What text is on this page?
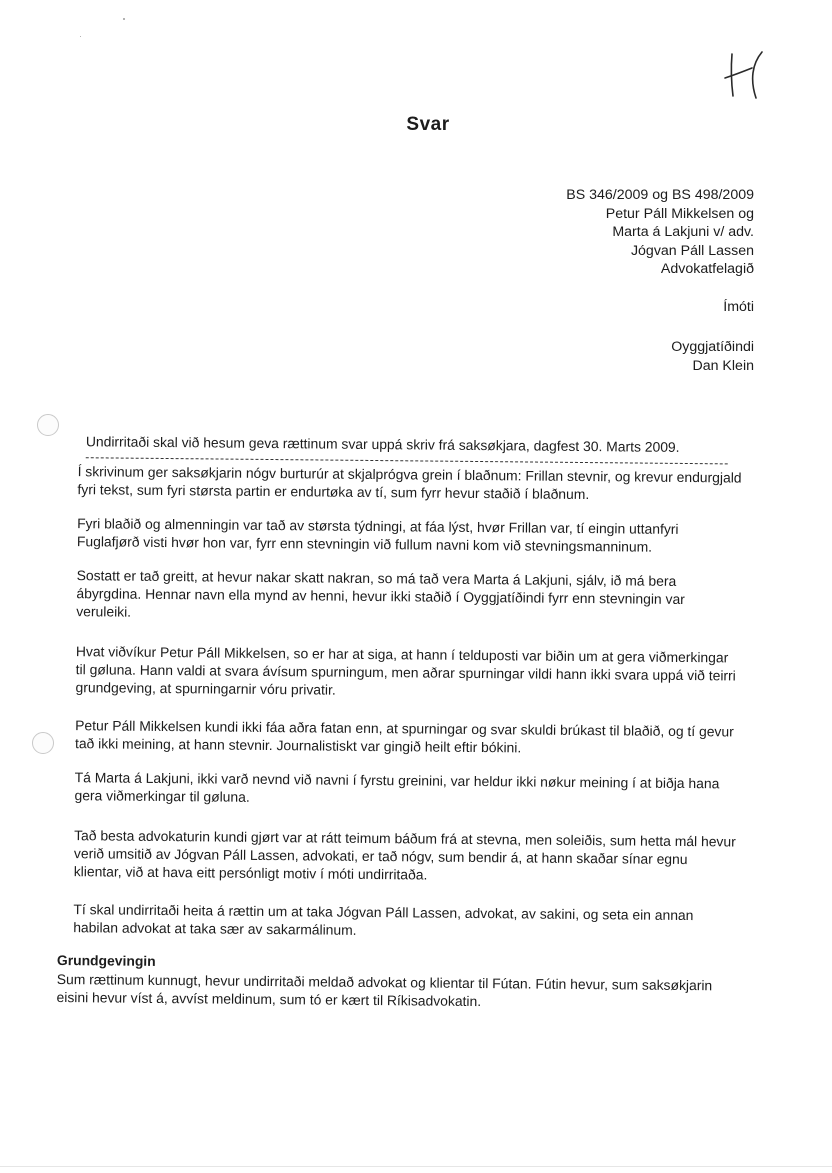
Svar
BS 346/2009 og BS 498/2009
Petur Páll Mikkelsen og
Marta á Lakjuni v/ adv.
Jógvan Páll Lassen
Advokatfelagið
Ímóti
Oyggjatíðindi
Dan Klein

Undirritaði skal við hesum geva rættinum svar uppá skriv frá saksøkjara, dagfest 30. Marts 2009.

Í skrivinum ger saksøkjarin nógv burturúr at skjalprógva grein í blaðnum: Frillan stevnir, og krevur endurgjald fyri tekst, sum fyri størsta partin er endurtøka av tí, sum fyrr hevur staðið í blaðnum.

Fyri blaðið og almenningin var tað av størsta týdningi, at fáa lýst, hvør Frillan var, tí eingin uttanfyri Fuglafjørð visti hvør hon var, fyrr enn stevningin við fullum navni kom við stevningsmanninum.

Sostatt er tað greitt, at hevur nakar skatt nakran, so má tað vera Marta á Lakjuni, sjálv, ið má bera ábyrgdina. Hennar navn ella mynd av henni, hevur ikki staðið í Oyggjatíðindi fyrr enn stevningin var veruleiki.

Hvat viðvíkur Petur Páll Mikkelsen, so er har at siga, at hann í telduposti var biðin um at gera viðmerkingar til gøluna. Hann valdi at svara ávísum spurningum, men aðrar spurningar vildi hann ikki svara uppá við teirri grundgeving, at spurningarnir vóru privatir.

Petur Páll Mikkelsen kundi ikki fáa aðra fatan enn, at spurningar og svar skuldi brúkast til blaðið, og tí gevur tað ikki meining, at hann stevnir. Journalistiskt var gingið heilt eftir bókini.

Tá Marta á Lakjuni, ikki varð nevnd við navni í fyrstu greinini, var heldur ikki nøkur meining í at biðja hana gera viðmerkingar til gøluna.

Tað besta advokaturin kundi gjørt var at rátt teimum báðum frá at stevna, men soleiðis, sum hetta mál hevur verið umsitið av Jógvan Páll Lassen, advokati, er tað nógv, sum bendir á, at hann skaðar sínar egnu klientar, við at hava eitt persónligt motiv í móti undirritaða.

Tí skal undirritaði heita á rættin um at taka Jógvan Páll Lassen, advokat, av sakini, og seta ein annan habilan advokat at taka sær av sakarmálinum.

Grundgevingin

Sum rættinum kunnugt, hevur undirritaði meldað advokat og klientar til Fútan. Fútin hevur, sum saksøkjarin eisini hevur víst á, avvíst meldinum, sum tó er kært til Ríkisadvokatin.
